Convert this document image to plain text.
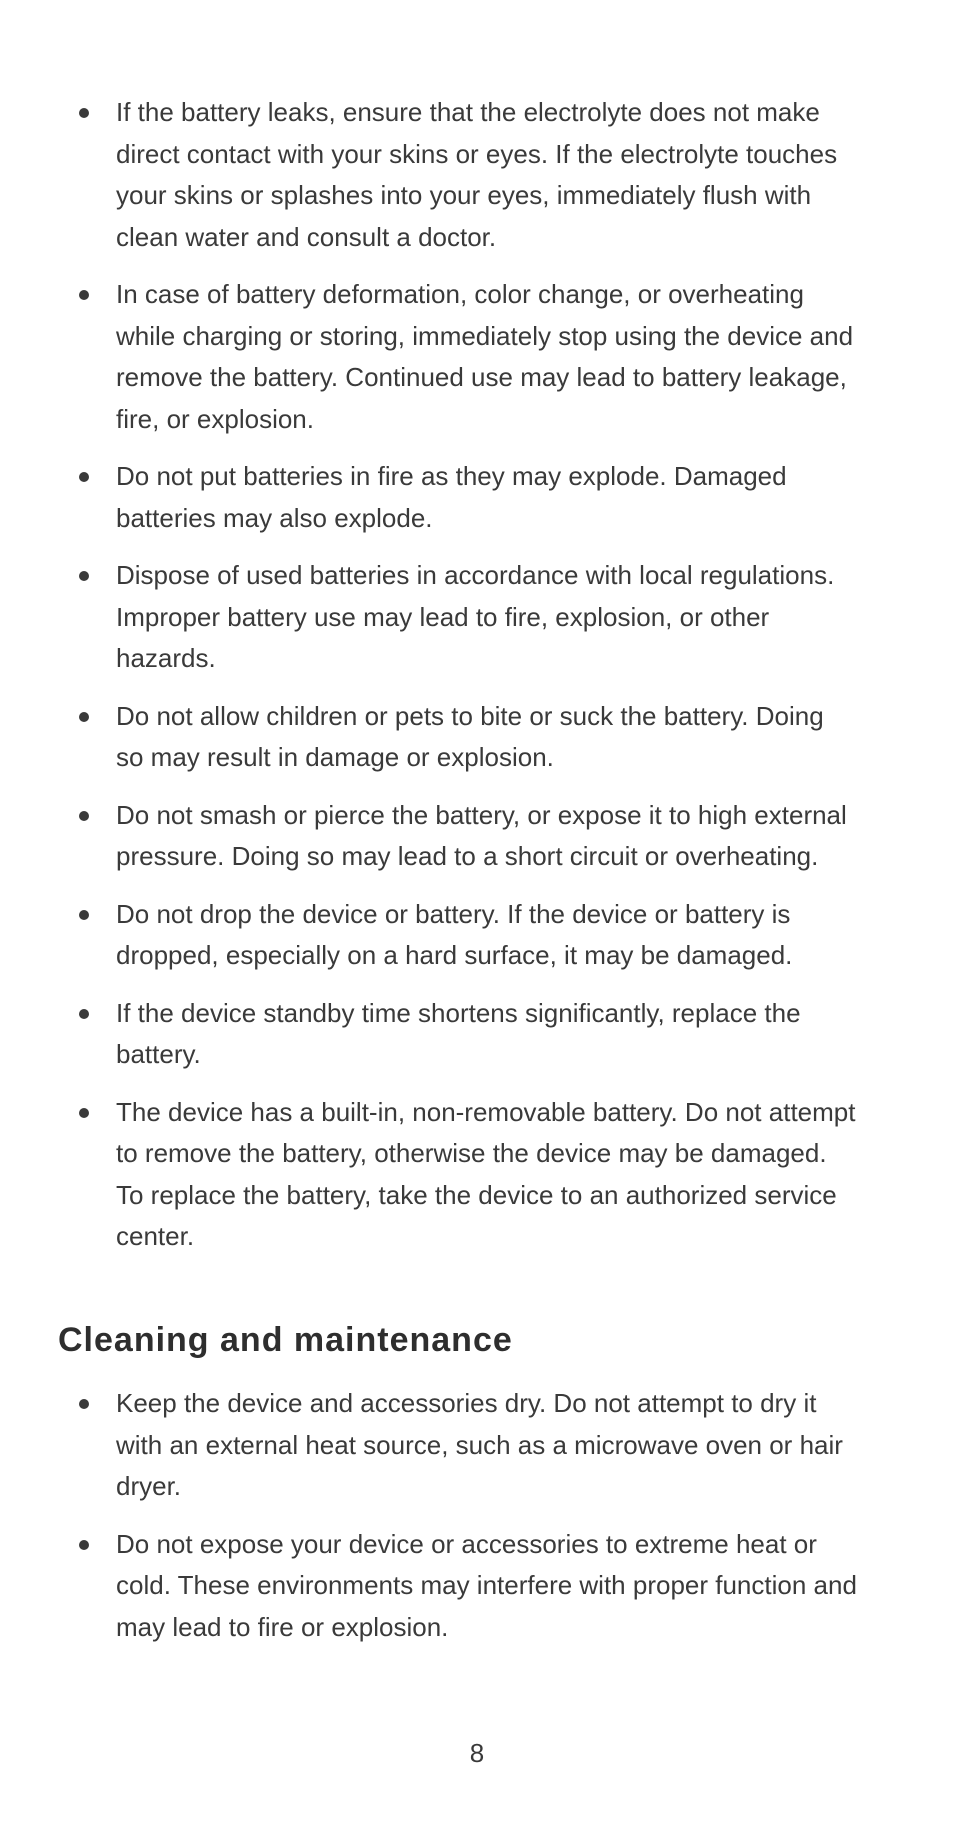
If the battery leaks, ensure that the electrolyte does not make direct contact with your skins or eyes. If the electrolyte touches your skins or splashes into your eyes, immediately flush with clean water and consult a doctor.
In case of battery deformation, color change, or overheating while charging or storing, immediately stop using the device and remove the battery. Continued use may lead to battery leakage, fire, or explosion.
Do not put batteries in fire as they may explode. Damaged batteries may also explode.
Dispose of used batteries in accordance with local regulations. Improper battery use may lead to fire, explosion, or other hazards.
Do not allow children or pets to bite or suck the battery. Doing so may result in damage or explosion.
Do not smash or pierce the battery, or expose it to high external pressure. Doing so may lead to a short circuit or overheating.
Do not drop the device or battery. If the device or battery is dropped, especially on a hard surface, it may be damaged.
If the device standby time shortens significantly, replace the battery.
The device has a built-in, non-removable battery. Do not attempt to remove the battery, otherwise the device may be damaged. To replace the battery, take the device to an authorized service center.
Cleaning and maintenance
Keep the device and accessories dry. Do not attempt to dry it with an external heat source, such as a microwave oven or hair dryer.
Do not expose your device or accessories to extreme heat or cold. These environments may interfere with proper function and may lead to fire or explosion.
8
